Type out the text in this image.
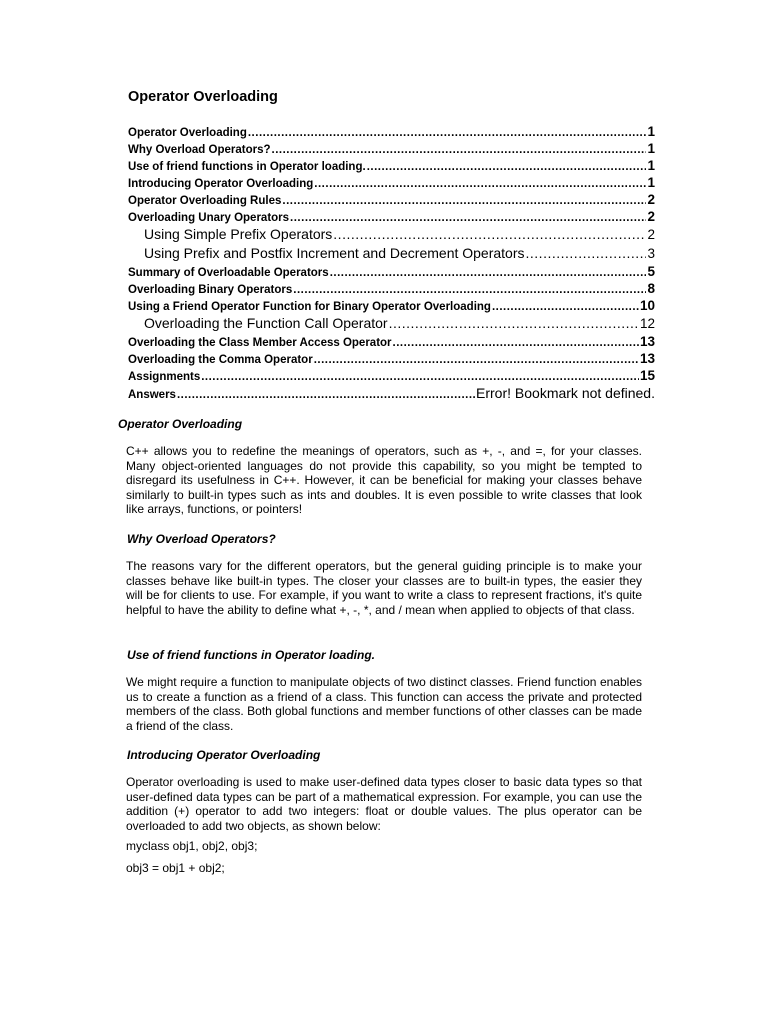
Operator Overloading
Operator Overloading .....	1
Why Overload Operators? .....	1
Use of friend functions in Operator loading. .....	1
Introducing Operator Overloading .....	1
Operator Overloading Rules .....	2
Overloading Unary Operators .....	2
Using Simple Prefix Operators .....	2
Using Prefix and Postfix Increment and Decrement Operators .....	3
Summary of Overloadable Operators .....	5
Overloading Binary Operators .....	8
Using a Friend Operator Function for Binary Operator Overloading .....	10
Overloading the Function Call Operator .....	12
Overloading the Class Member Access Operator .....	13
Overloading the Comma Operator .....	13
Assignments .....	15
Answers .....	Error! Bookmark not defined.
Operator Overloading

C++ allows you to redefine the meanings of operators, such as +, -, and =, for your classes. Many object-oriented languages do not provide this capability, so you might be tempted to disregard its usefulness in C++. However, it can be beneficial for making your classes behave similarly to built-in types such as ints and doubles. It is even possible to write classes that look like arrays, functions, or pointers!

Why Overload Operators?

The reasons vary for the different operators, but the general guiding principle is to make your classes behave like built-in types. The closer your classes are to built-in types, the easier they will be for clients to use. For example, if you want to write a class to represent fractions, it's quite helpful to have the ability to define what +, -, *, and / mean when applied to objects of that class.

Use of friend functions in Operator loading.

We might require a function to manipulate objects of two distinct classes. Friend function enables us to create a function as a friend of a class. This function can access the private and protected members of the class. Both global functions and member functions of other classes can be made a friend of the class.

Introducing Operator Overloading

Operator overloading is used to make user-defined data types closer to basic data types so that user-defined data types can be part of a mathematical expression. For example, you can use the addition (+) operator to add two integers: float or double values. The plus operator can be overloaded to add two objects, as shown below:

myclass obj1, obj2, obj3;
obj3 = obj1 + obj2;
